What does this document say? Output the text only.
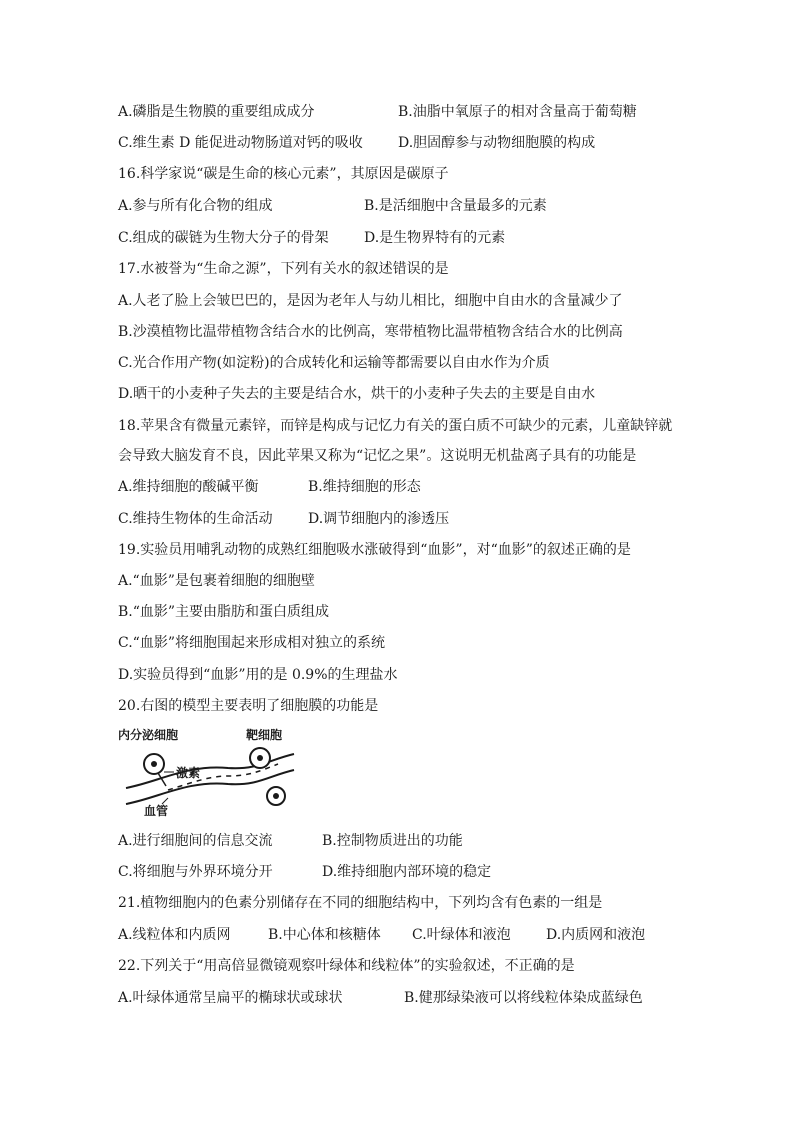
A.磷脂是生物膜的重要组成成分	B.油脂中氧原子的相对含量高于葡萄糖
C.维生素 D 能促进动物肠道对钙的吸收	D.胆固醇参与动物细胞膜的构成
16.科学家说“碳是生命的核心元素”，其原因是碳原子
A.参与所有化合物的组成	B.是活细胞中含量最多的元素
C.组成的碳链为生物大分子的骨架	D.是生物界特有的元素
17.水被誉为“生命之源”，下列有关水的叙述错误的是
A.人老了脸上会皱巴巴的，是因为老年人与幼儿相比，细胞中自由水的含量减少了
B.沙漠植物比温带植物含结合水的比例高，寒带植物比温带植物含结合水的比例高
C.光合作用产物(如淀粉)的合成转化和运输等都需要以自由水作为介质
D.晒干的小麦种子失去的主要是结合水，烘干的小麦种子失去的主要是自由水
18.苹果含有微量元素锌，而锌是构成与记忆力有关的蛋白质不可缺少的元素，儿童缺锌就
会导致大脑发育不良，因此苹果又称为“记忆之果”。这说明无机盐离子具有的功能是
A.维持细胞的酸碱平衡	B.维持细胞的形态
C.维持生物体的生命活动	D.调节细胞内的渗透压
19.实验员用哺乳动物的成熟红细胞吸水涨破得到“血影”，对“血影”的叙述正确的是
A.“血影”是包裹着细胞的细胞壁
B.“血影”主要由脂肪和蛋白质组成
C.“血影”将细胞围起来形成相对独立的系统
D.实验员得到“血影”用的是 0.9%的生理盐水
20.右图的模型主要表明了细胞膜的功能是
内分泌细胞	靶细胞
激素
血管
A.进行细胞间的信息交流	B.控制物质进出的功能
C.将细胞与外界环境分开	D.维持细胞内部环境的稳定
21.植物细胞内的色素分别储存在不同的细胞结构中，下列均含有色素的一组是
A.线粒体和内质网	B.中心体和核糖体 C.叶绿体和液泡	D.内质网和液泡
22.下列关于“用高倍显微镜观察叶绿体和线粒体”的实验叙述，不正确的是
A.叶绿体通常呈扁平的椭球状或球状	B.健那绿染液可以将线粒体染成蓝绿色
